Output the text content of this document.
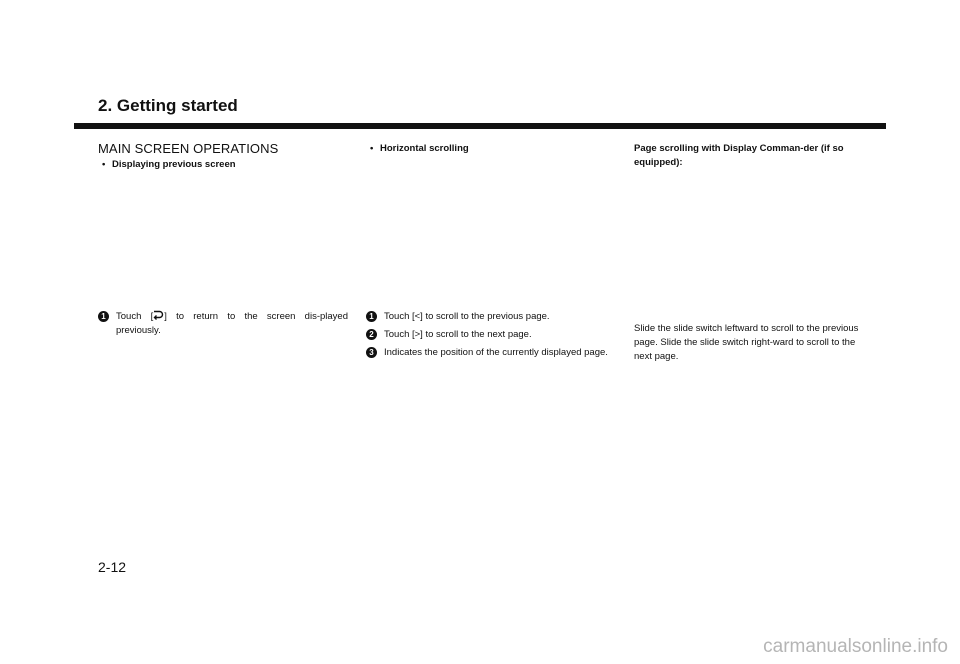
2. Getting started
MAIN SCREEN OPERATIONS

• Displaying previous screen

1	Touch [ ] to return to the screen dis-played previously.

• Horizontal scrolling

1	Touch [<] to scroll to the previous page.

2	Touch [>] to scroll to the next page.

3	Indicates the position of the currently displayed page.

Page scrolling with Display Comman-der (if so equipped):

Slide the slide switch leftward to scroll to the previous page. Slide the slide switch right-ward to scroll to the next page.

2-12

carmanualsonline.info
